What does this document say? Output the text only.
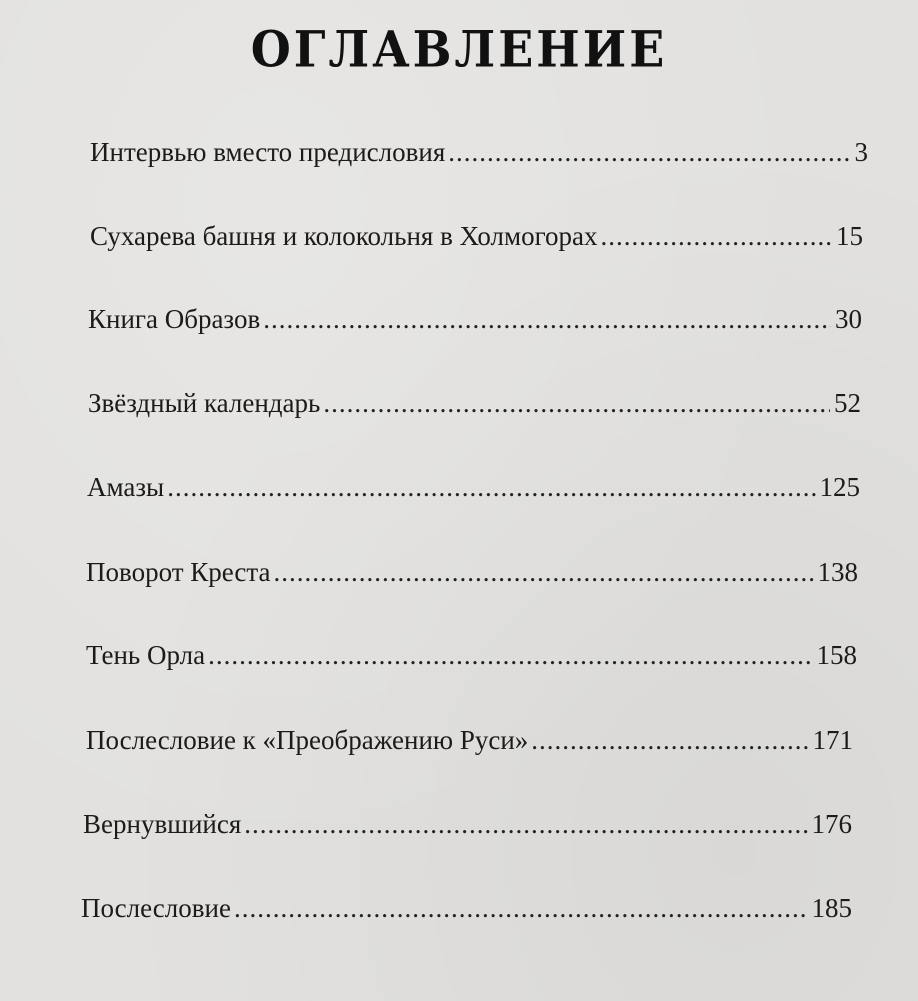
ОГЛАВЛЕНИЕ
Интервью вместо предисловия .....	3
Сухарева башня и колокольня в Холмогорах .....	15
Книга Образов .....	30
Звёздный календарь .....	52
Амазы .....	125
Поворот Креста .....	138
Тень Орла .....	158
Послесловие к «Преображению Руси» .....	171
Вернувшийся .....	176
Послесловие .....	185
